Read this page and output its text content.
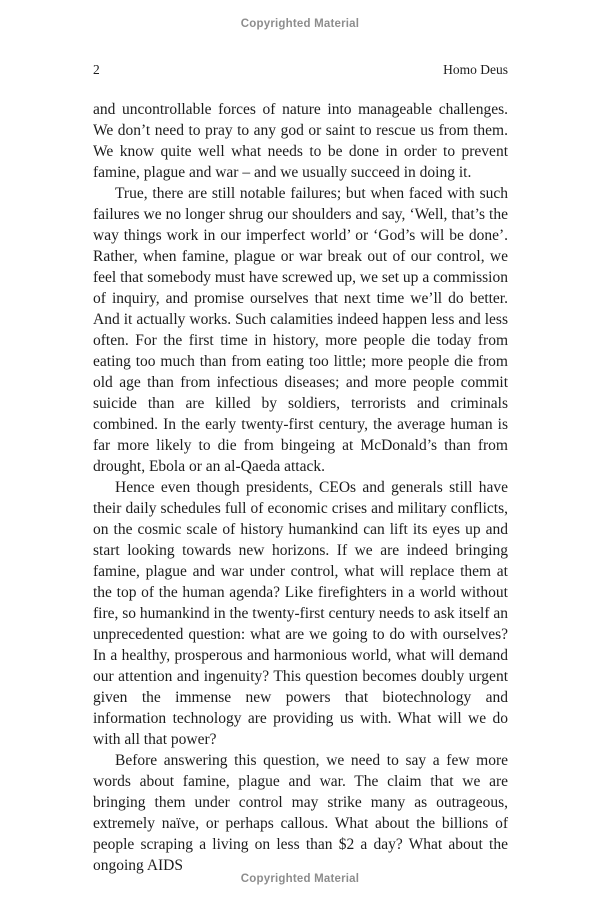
Copyrighted Material
2	Homo Deus

and uncontrollable forces of nature into manageable challenges. We don’t need to pray to any god or saint to rescue us from them. We know quite well what needs to be done in order to prevent famine, plague and war – and we usually succeed in doing it.

True, there are still notable failures; but when faced with such failures we no longer shrug our shoulders and say, ‘Well, that’s the way things work in our imperfect world’ or ‘God’s will be done’. Rather, when famine, plague or war break out of our control, we feel that somebody must have screwed up, we set up a commission of inquiry, and promise ourselves that next time we’ll do better. And it actually works. Such calamities indeed happen less and less often. For the first time in history, more people die today from eating too much than from eating too little; more people die from old age than from infectious diseases; and more people commit suicide than are killed by soldiers, terrorists and criminals combined. In the early twenty-first century, the average human is far more likely to die from bingeing at McDonald’s than from drought, Ebola or an al-Qaeda attack.

Hence even though presidents, CEOs and generals still have their daily schedules full of economic crises and military conflicts, on the cosmic scale of history humankind can lift its eyes up and start looking towards new horizons. If we are indeed bringing famine, plague and war under control, what will replace them at the top of the human agenda? Like firefighters in a world without fire, so humankind in the twenty-first century needs to ask itself an unprecedented question: what are we going to do with ourselves? In a healthy, prosperous and harmonious world, what will demand our attention and ingenuity? This question becomes doubly urgent given the immense new powers that biotechnology and information technology are providing us with. What will we do with all that power?

Before answering this question, we need to say a few more words about famine, plague and war. The claim that we are bringing them under control may strike many as outrageous, extremely naïve, or perhaps callous. What about the billions of people scraping a living on less than $2 a day? What about the ongoing AIDS

Copyrighted Material
